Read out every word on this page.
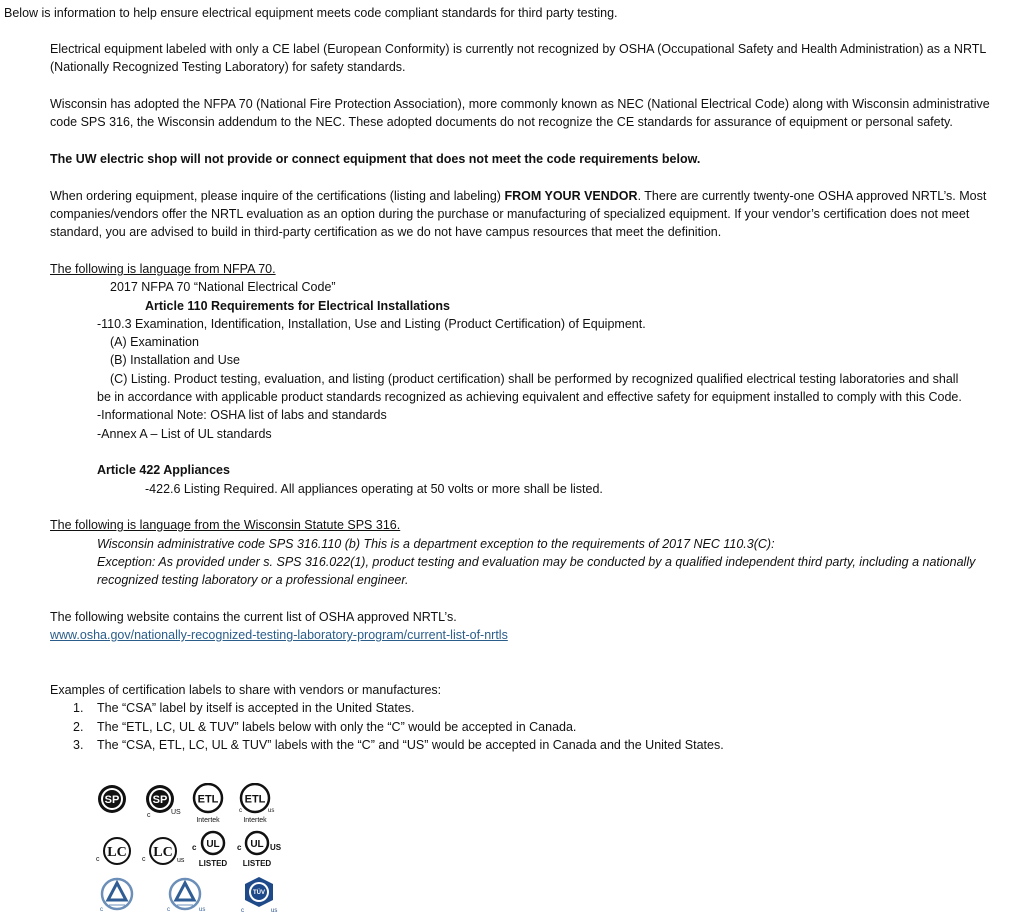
Below is information to help ensure electrical equipment meets code compliant standards for third party testing.

Electrical equipment labeled with only a CE label (European Conformity) is currently not recognized by OSHA (Occupational Safety and Health Administration) as a NRTL (Nationally Recognized Testing Laboratory) for safety standards.

Wisconsin has adopted the NFPA 70 (National Fire Protection Association), more commonly known as NEC (National Electrical Code) along with Wisconsin administrative code SPS 316, the Wisconsin addendum to the NEC. These adopted documents do not recognize the CE standards for assurance of equipment or personal safety.

The UW electric shop will not provide or connect equipment that does not meet the code requirements below.

When ordering equipment, please inquire of the certifications (listing and labeling) FROM YOUR VENDOR. There are currently twenty-one OSHA approved NRTL’s. Most companies/vendors offer the NRTL evaluation as an option during the purchase or manufacturing of specialized equipment. If your vendor’s certification does not meet standard, you are advised to build in third-party certification as we do not have campus resources that meet the definition.

The following is language from NFPA 70.

2017 NFPA 70 “National Electrical Code”

Article 110 Requirements for Electrical Installations

-110.3 Examination, Identification, Installation, Use and Listing (Product Certification) of Equipment.

(A) Examination

(B) Installation and Use

(C) Listing. Product testing, evaluation, and listing (product certification) shall be performed by recognized qualified electrical testing laboratories and shall

be in accordance with applicable product standards recognized as achieving equivalent and effective safety for equipment installed to comply with this Code.

-Informational Note: OSHA list of labs and standards

-Annex A – List of UL standards

Article 422 Appliances

-422.6 Listing Required. All appliances operating at 50 volts or more shall be listed.

The following is language from the Wisconsin Statute SPS 316.

Wisconsin administrative code SPS 316.110 (b) This is a department exception to the requirements of 2017 NEC 110.3(C):

Exception: As provided under s. SPS 316.022(1), product testing and evaluation may be conducted by a qualified independent third party, including a nationally

recognized testing laboratory or a professional engineer.

The following website contains the current list of OSHA approved NRTL’s.

www.osha.gov/nationally-recognized-testing-laboratory-program/current-list-of-nrtls

Examples of certification labels to share with vendors or manufactures:

1. The “CSA” label by itself is accepted in the United States.
2. The “ETL, LC, UL & TUV” labels below with only the “C” would be accepted in Canada.
3. The “CSA, ETL, LC, UL & TUV” labels with the “C” and “US” would be accepted in Canada and the United States.
SP	SP
c	US
ETL
Intertek
ETL
c	us
Intertek
c LC c LC
us
c UL
LISTED
c UL US
LISTED
c	c	us
TÜV
c	us
